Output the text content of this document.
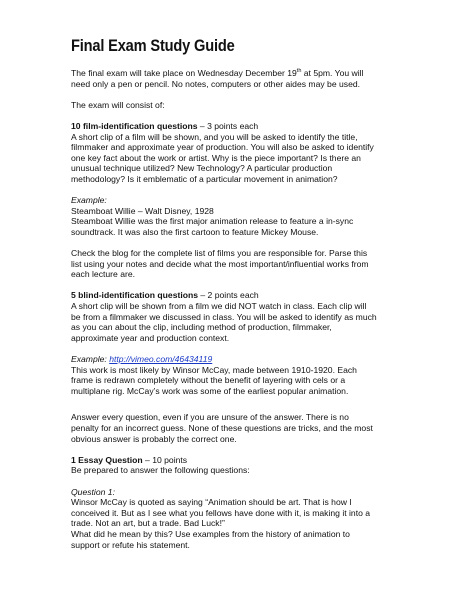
Final Exam Study Guide

The final exam will take place on Wednesday December 19th at 5pm. You will
need only a pen or pencil. No notes, computers or other aides may be used.

The exam will consist of:

10 film-identification questions – 3 points each

A short clip of a film will be shown, and you will be asked to identify the title,
filmmaker and approximate year of production. You will also be asked to identify
one key fact about the work or artist. Why is the piece important? Is there an
unusual technique utilized? New Technology? A particular production
methodology? Is it emblematic of a particular movement in animation?

Example:

Steamboat Willie – Walt Disney, 1928
Steamboat Willie was the first major animation release to feature a in-sync
soundtrack. It was also the first cartoon to feature Mickey Mouse.

Check the blog for the complete list of films you are responsible for. Parse this
list using your notes and decide what the most important/influential works from
each lecture are.

5 blind-identification questions – 2 points each

A short clip will be shown from a film we did NOT watch in class. Each clip will
be from a filmmaker we discussed in class. You will be asked to identify as much
as you can about the clip, including method of production, filmmaker,
approximate year and production context.

Example: http://vimeo.com/46434119

This work is most likely by Winsor McCay, made between 1910-1920. Each
frame is redrawn completely without the benefit of layering with cels or a
multiplane rig. McCay’s work was some of the earliest popular animation.

Answer every question, even if you are unsure of the answer. There is no
penalty for an incorrect guess. None of these questions are tricks, and the most
obvious answer is probably the correct one.

1 Essay Question – 10 points

Be prepared to answer the following questions:

Question 1:

Winsor McCay is quoted as saying “Animation should be art. That is how I
conceived it. But as I see what you fellows have done with it, is making it into a
trade. Not an art, but a trade. Bad Luck!”
What did he mean by this? Use examples from the history of animation to
support or refute his statement.
